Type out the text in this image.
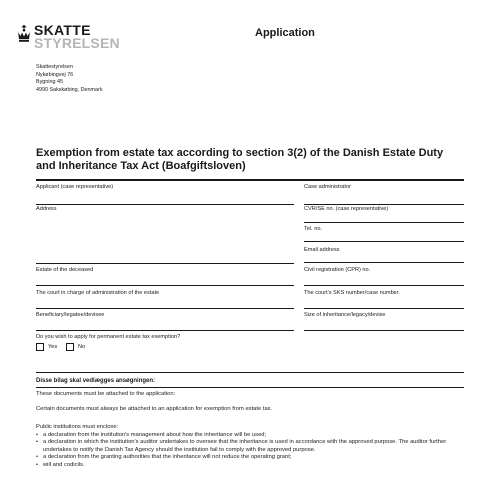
SKATTE
STYRELSEN
Application
Skattestyrelsen
Nykøbingvej 76
Bygning 45
4990 Sakskøbing, Denmark
Exemption from estate tax according to section 3(2) of the Danish Estate Duty and Inheritance Tax Act (Boafgiftsloven)
Applicant (case representative)
Address
Estate of the deceased
The court in charge of administration of the estate
Beneficiary/legatee/devisee
Case administrator
CVR/SE no. (case representative)
Tel. no.
Email address
Civil registration (CPR) no.
The court's SKS number/case number.
Size of inheritance/legacy/devise
Do you wish to apply for permanent estate tax exemption?
Yes	No
Disse bilag skal vedlægges ansøgningen:
These documents must be attached to the application:
Certain documents must always be attached to an application for exemption from estate tax.
Public institutions must enclose:
• a declaration from the institution's management about how the inheritance will be used;
• a declaration in which the institution's auditor undertakes to oversee that the inheritance is used in accordance with the approved purpose. The auditor further undertakes to notify the Danish Tax Agency should the institution fail to comply with the approved purpose.
• a declaration from the granting authorities that the inheritance will not reduce the operating grant;
• will and codicils.
